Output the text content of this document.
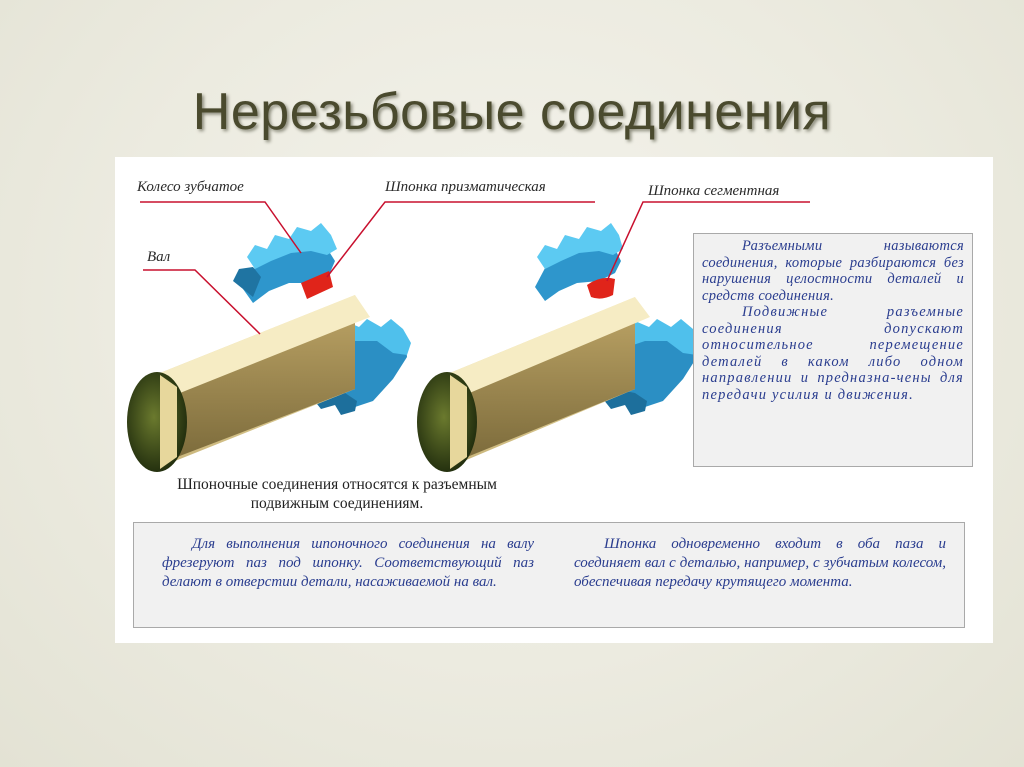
Нерезьбовые соединения
Колесо зубчатое	Шпонка призматическая	Шпонка сегментная
Вал
Шпоночные соединения относятся к разъемным подвижным соединениям.

Разъемными называются соединения, которые разбираются без нарушения целостности деталей и средств соединения.

Подвижные разъемные соединения допускают относительное перемещение деталей в каком либо одном направлении и предназна-чены для передачи усилия и движения.

Для выполнения шпоночного соединения на валу фрезеруют паз под шпонку. Соответствующий паз делают в отверстии детали, насаживаемой на вал.

Шпонка одновременно входит в оба паза и соединяет вал с деталью, например, с зубчатым колесом, обеспечивая передачу крутящего момента.
